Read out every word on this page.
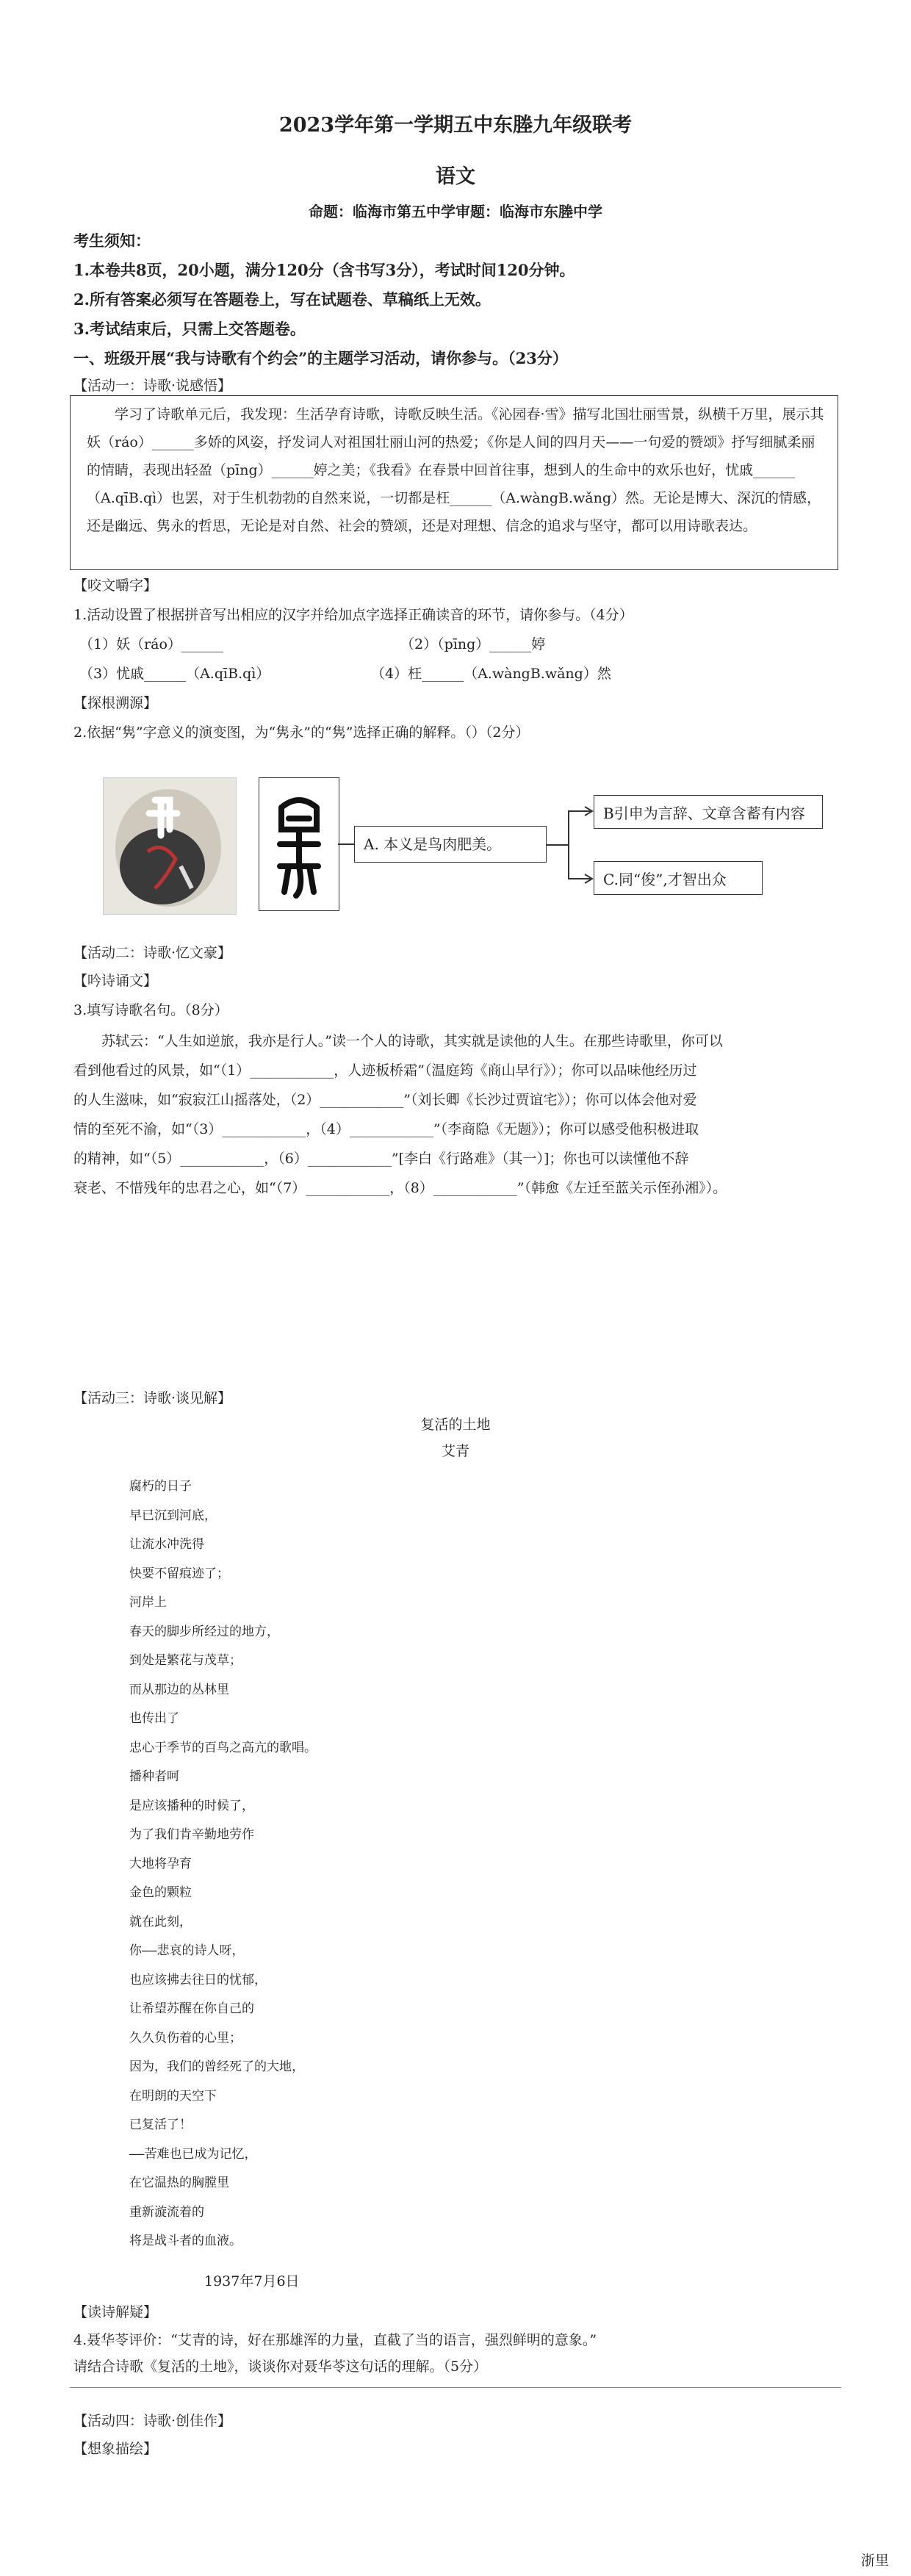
2023学年第一学期五中东塍九年级联考
语文
命题：临海市第五中学审题：临海市东塍中学
考生须知：
1.本卷共8页，20小题，满分120分（含书写3分），考试时间120分钟。
2.所有答案必须写在答题卷上，写在试题卷、草稿纸上无效。
3.考试结束后，只需上交答题卷。
一、班级开展“我与诗歌有个约会”的主题学习活动，请你参与。（23分）
【活动一：诗歌·说感悟】

学习了诗歌单元后，我发现：生活孕育诗歌，诗歌反映生活。《沁园春·雪》描写北国壮丽雪景，纵横千万里，展示其妖（ráo）______多娇的风姿，抒发词人对祖国壮丽山河的热爱；《你是人间的四月天——一句爱的赞颂》抒写细腻柔丽的情睛，表现出轻盈（pīng）______婷之美；《我看》在春景中回首往事，想到人的生命中的欢乐也好，忧戚______（A.qīB.qì）也罢，对于生机勃勃的自然来说，一切都是枉______（A.wàngB.wǎng）然。无论是博大、深沉的情感，还是幽远、隽永的哲思，无论是对自然、社会的赞颂，还是对理想、信念的追求与坚守，都可以用诗歌表达。

【咬文嚼字】
1.活动设置了根据拼音写出相应的汉字并给加点字选择正确读音的环节，请你参与。（4分）
（1）妖（ráo）______	（2）（pīng）______婷
（3）忧戚______（A.qīB.qì）	（4）枉______（A.wàngB.wǎng）然
【探根溯源】
2.依据“隽”字意义的演变图，为“隽永”的“隽”选择正确的解释。（）（2分）
A. 本义是鸟肉肥美。
B引申为言辞、文章含蓄有内容
C.同“俊”,才智出众
【活动二：诗歌·忆文豪】
【吟诗诵文】
3.填写诗歌名句。（8分）
苏轼云：“人生如逆旅，我亦是行人。”读一个人的诗歌，其实就是读他的人生。在那些诗歌里，你可以
看到他看过的风景，如“（1）____________，人迹板桥霜”（温庭筠《商山早行》）；你可以品味他经历过
的人生滋味，如“寂寂江山摇落处，（2）____________”（刘长卿《长沙过贾谊宅》）；你可以体会他对爱
情的至死不渝，如“（3）____________，（4）____________”（李商隐《无题》）；你可以感受他积极进取
的精神，如“（5）____________，（6）____________”[李白《行路难》（其一）]；你也可以读懂他不辞
衰老、不惜残年的忠君之心，如“（7）____________，（8）____________”（韩愈《左迁至蓝关示侄孙湘》）。
【活动三：诗歌·谈见解】
复活的土地
艾青
腐朽的日子
早已沉到河底，
让流水冲洗得
快要不留痕迹了；
河岸上
春天的脚步所经过的地方，
到处是繁花与茂草；
而从那边的丛林里
也传出了
忠心于季节的百鸟之高亢的歌唱。
播种者呵
是应该播种的时候了，
为了我们肯辛勤地劳作
大地将孕育
金色的颗粒
就在此刻，
你——悲哀的诗人呀，
也应该拂去往日的忧郁，
让希望苏醒在你自己的
久久负伤着的心里；
因为，我们的曾经死了的大地，
在明朗的天空下
已复活了！
——苦难也已成为记忆，
在它温热的胸膛里
重新漩流着的
将是战斗者的血液。
1937年7月6日
【读诗解疑】
4.聂华苓评价：“艾青的诗，好在那雄浑的力量，直截了当的语言，强烈鲜明的意象。”
请结合诗歌《复活的土地》，谈谈你对聂华苓这句话的理解。（5分）
【活动四：诗歌·创佳作】
【想象描绘】
浙里
